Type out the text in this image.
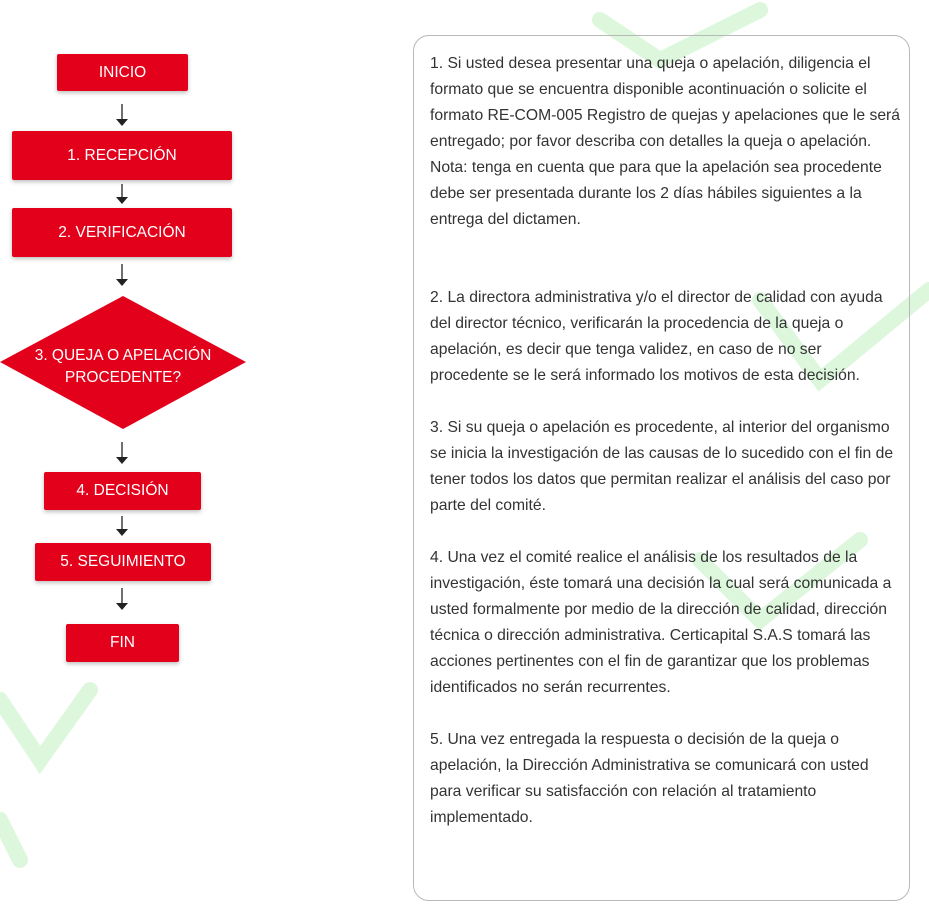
INICIO
1. RECEPCIÓN
2. VERIFICACIÓN
3. QUEJA O APELACIÓN
PROCEDENTE?
4. DECISIÓN
5. SEGUIMIENTO
FIN

1. Si usted desea presentar una queja o apelación, diligencia el formato que se encuentra disponible acontinuación o solicite el formato RE-COM-005 Registro de quejas y apelaciones que le será entregado; por favor describa con detalles la queja o apelación.

Nota: tenga en cuenta que para que la apelación sea procedente debe ser presentada durante los 2 días hábiles siguientes a la entrega del dictamen.

2. La directora administrativa y/o el director de calidad con ayuda del director técnico, verificarán la procedencia de la queja o apelación, es decir que tenga validez, en caso de no ser procedente se le será informado los motivos de esta decisión.

3. Si su queja o apelación es procedente, al interior del organismo se inicia la investigación de las causas de lo sucedido con el fin de tener todos los datos que permitan realizar el análisis del caso por parte del comité.

4. Una vez el comité realice el análisis de los resultados de la investigación, éste tomará una decisión la cual será comunicada a usted formalmente por medio de la dirección de calidad, dirección técnica o dirección administrativa. Certicapital S.A.S tomará las acciones pertinentes con el fin de garantizar que los problemas identificados no serán recurrentes.

5. Una vez entregada la respuesta o decisión de la queja o apelación, la Dirección Administrativa se comunicará con usted para verificar su satisfacción con relación al tratamiento implementado.
